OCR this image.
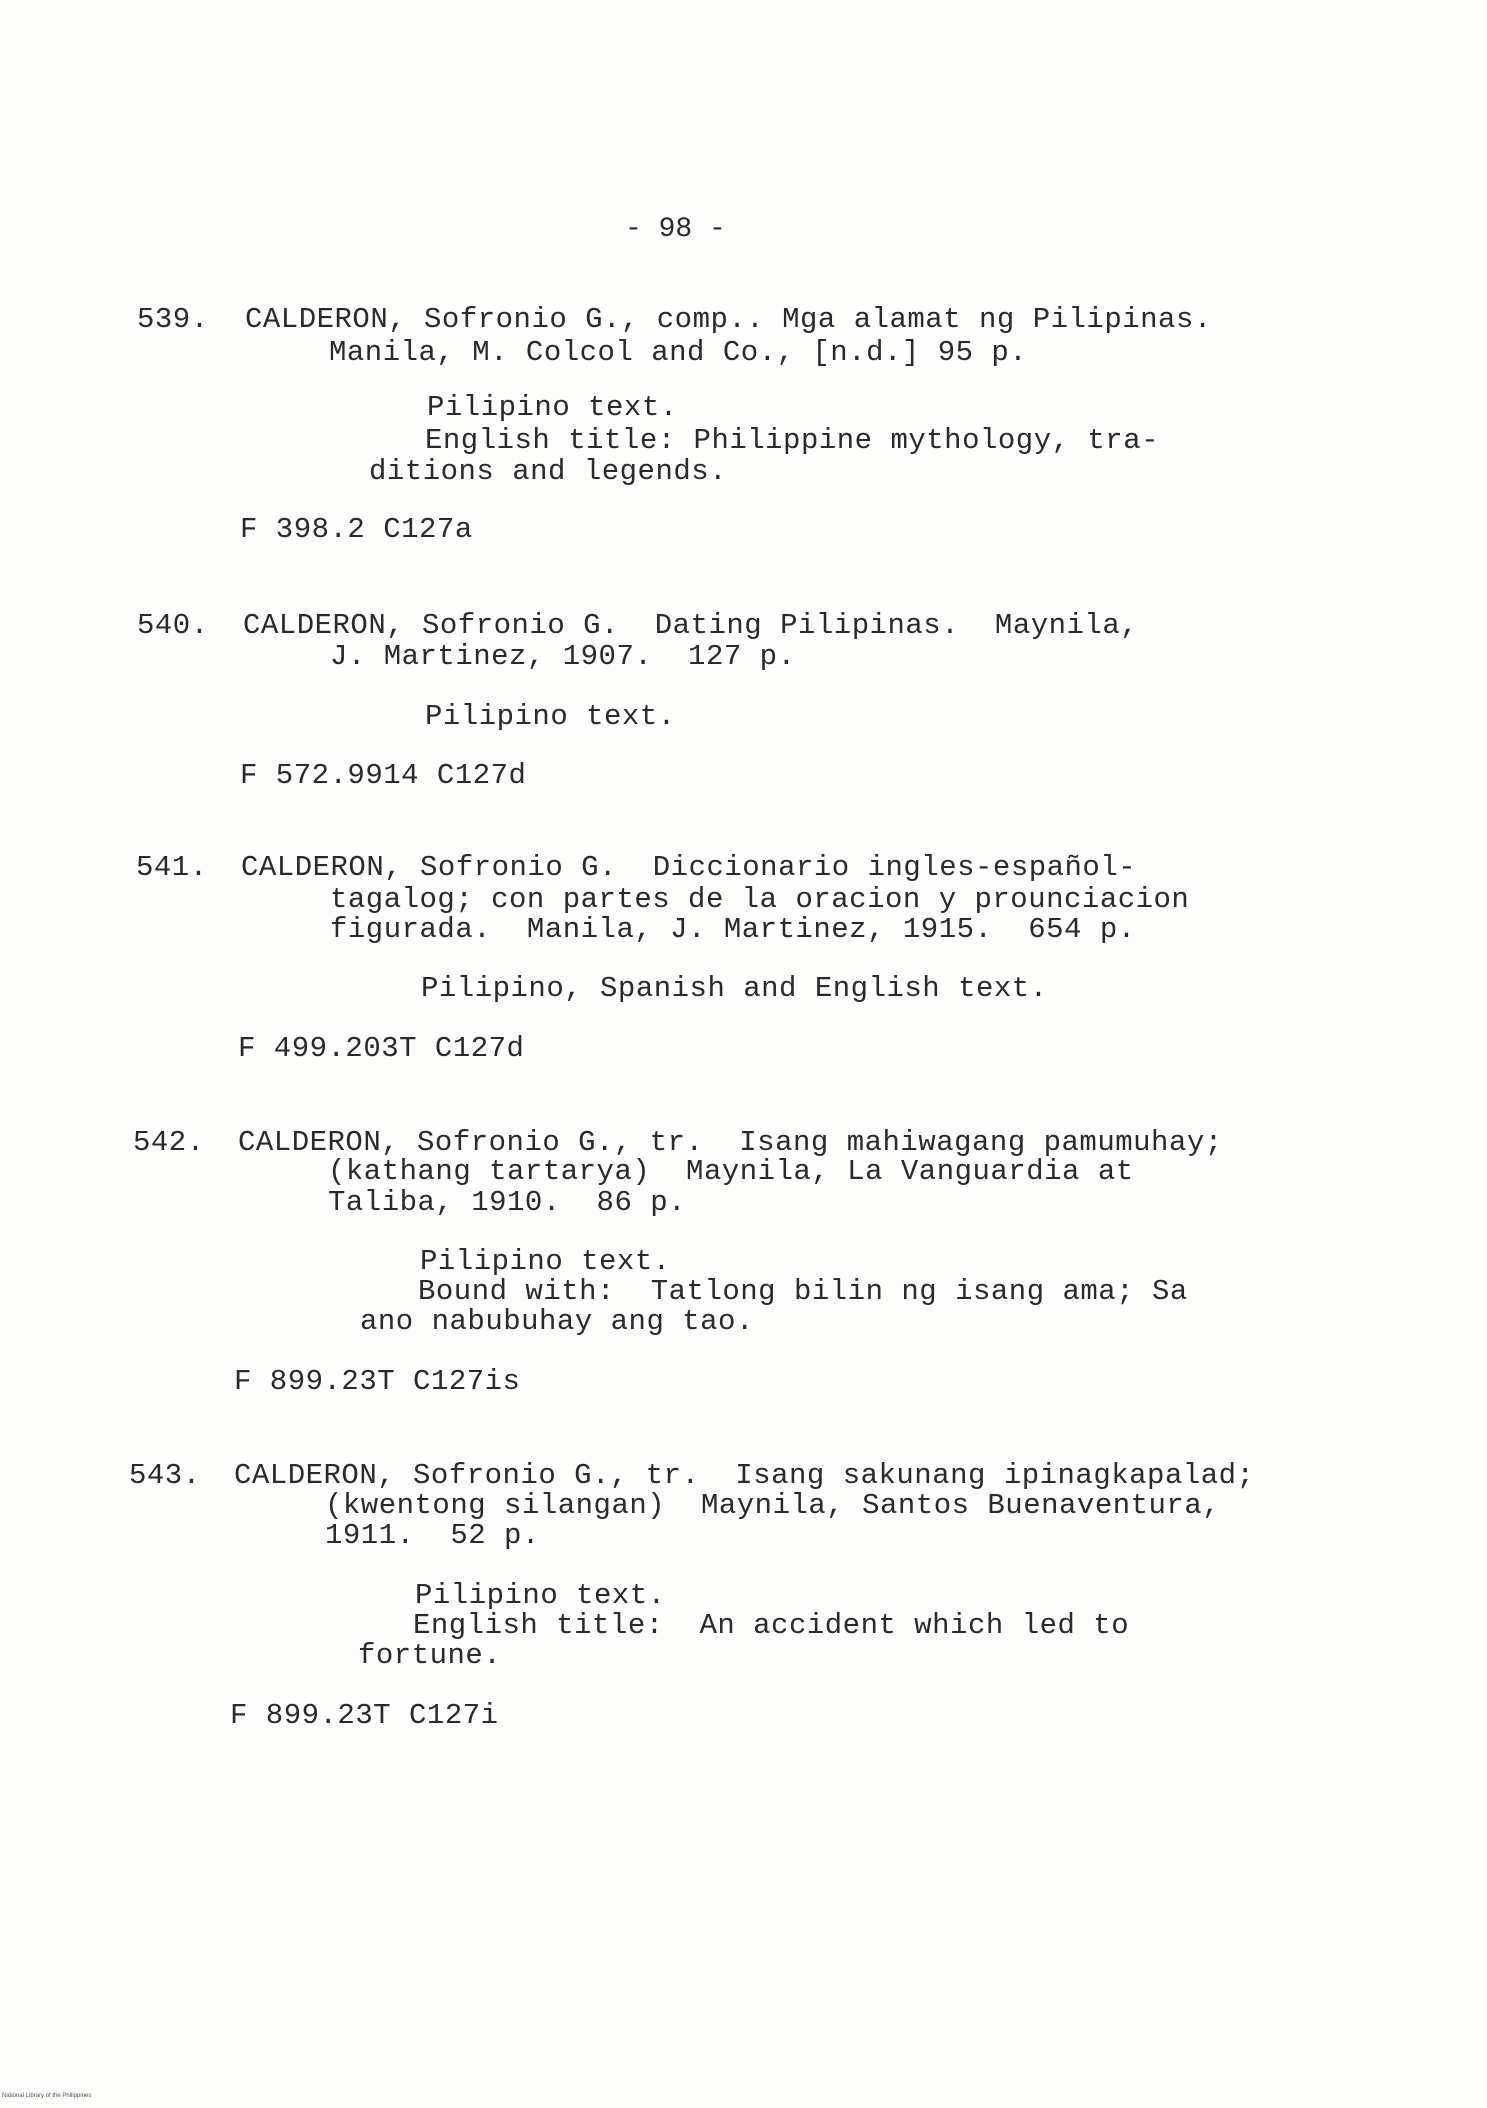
- 98 -
539. CALDERON, Sofronio G., comp.. Mga alamat ng Pilipinas.
Manila, M. Colcol and Co., [n.d.] 95 p.
Pilipino text.
English title: Philippine mythology, tra-
ditions and legends.
F 398.2 C127a
540. CALDERON, Sofronio G.  Dating Pilipinas.  Maynila,
J. Martinez, 1907.  127 p.
Pilipino text.
F 572.9914 C127d
541. CALDERON, Sofronio G.  Diccionario ingles-español-
tagalog; con partes de la oracion y prounciacion
figurada.  Manila, J. Martinez, 1915.  654 p.
Pilipino, Spanish and English text.
F 499.203T C127d
542. CALDERON, Sofronio G., tr.  Isang mahiwagang pamumuhay;
(kathang tartarya)  Maynila, La Vanguardia at
Taliba, 1910.  86 p.
Pilipino text.
Bound with:  Tatlong bilin ng isang ama; Sa
ano nabubuhay ang tao.
F 899.23T C127is
543. CALDERON, Sofronio G., tr.  Isang sakunang ipinagkapalad;
(kwentong silangan)  Maynila, Santos Buenaventura,
1911.  52 p.
Pilipino text.
English title:  An accident which led to
fortune.
F 899.23T C127i
National Library of the Philippines
